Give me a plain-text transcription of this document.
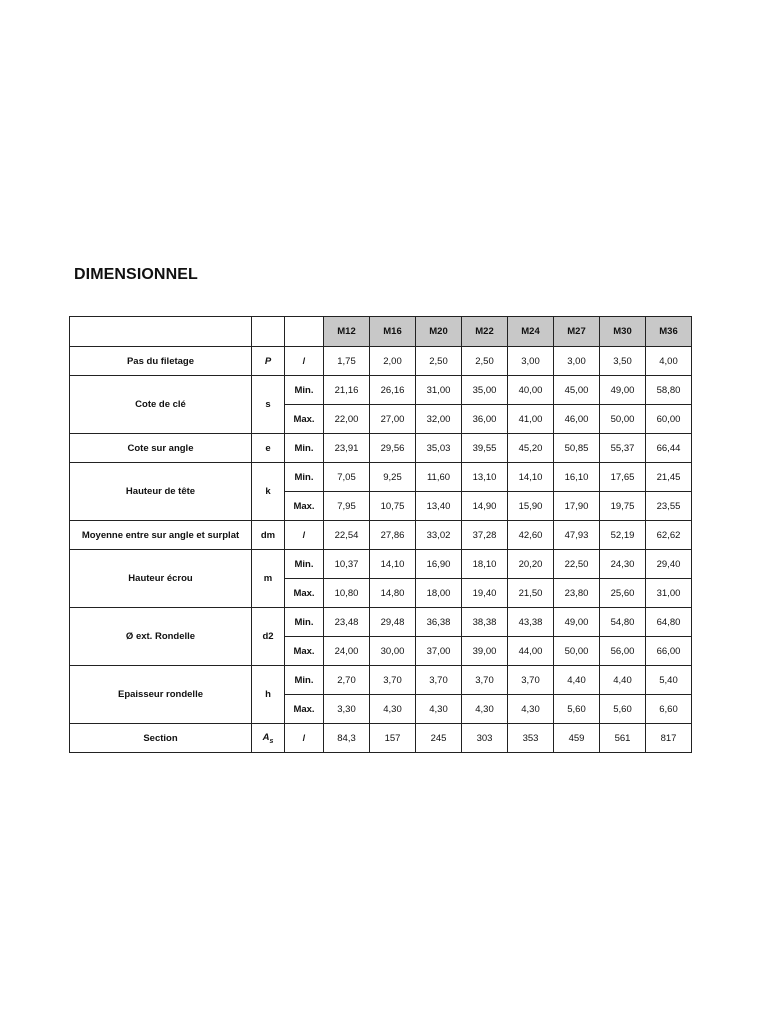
DIMENSIONNEL
			M12	M16	M20	M22	M24	M27	M30	M36
Pas du filetage	P	/	1,75	2,00	2,50	2,50	3,00	3,00	3,50	4,00
Cote de clé	s	Min.	21,16	26,16	31,00	35,00	40,00	45,00	49,00	58,80
		Max.	22,00	27,00	32,00	36,00	41,00	46,00	50,00	60,00
Cote sur angle	e	Min.	23,91	29,56	35,03	39,55	45,20	50,85	55,37	66,44
Hauteur de tête	k	Min.	7,05	9,25	11,60	13,10	14,10	16,10	17,65	21,45
		Max.	7,95	10,75	13,40	14,90	15,90	17,90	19,75	23,55
Moyenne entre sur angle et surplat	dm	/	22,54	27,86	33,02	37,28	42,60	47,93	52,19	62,62
Hauteur écrou	m	Min.	10,37	14,10	16,90	18,10	20,20	22,50	24,30	29,40
		Max.	10,80	14,80	18,00	19,40	21,50	23,80	25,60	31,00
Ø ext. Rondelle	d2	Min.	23,48	29,48	36,38	38,38	43,38	49,00	54,80	64,80
		Max.	24,00	30,00	37,00	39,00	44,00	50,00	56,00	66,00
Epaisseur rondelle	h	Min.	2,70	3,70	3,70	3,70	3,70	4,40	4,40	5,40
		Max.	3,30	4,30	4,30	4,30	4,30	5,60	5,60	6,60
Section	$A_s$	/	84,3	157	245	303	353	459	561	817
